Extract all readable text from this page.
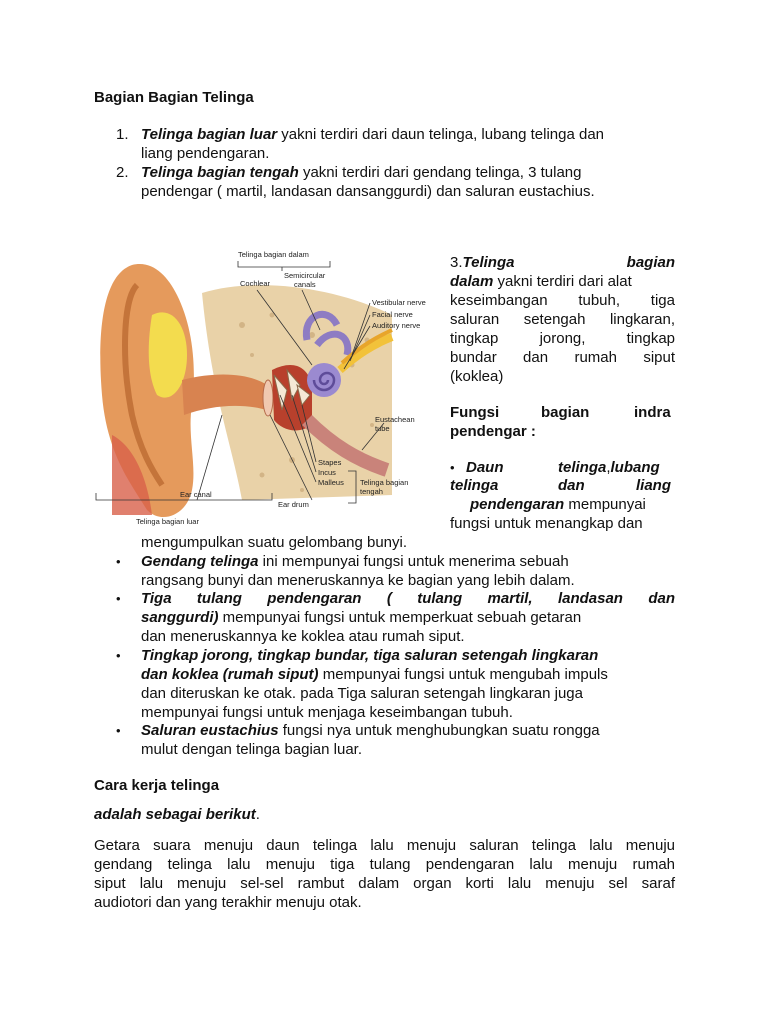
Bagian Bagian Telinga
1. Telinga bagian luar yakni terdiri dari daun telinga, lubang telinga dan
liang pendengaran.
2. Telinga bagian tengah yakni terdiri dari gendang telinga, 3 tulang
pendengar ( martil, landasan dansanggurdi) dan saluran eustachius.
Telinga bagian dalam
Cochlear
Semicircular
canals
Vestibular nerve
Facial nerve
Auditory nerve
Eustachean
tube
Stapes
Incus
Malleus Telinga bagian
tengah
Ear canal
Ear drum
Telinga bagian luar
3.Telinga	bagian
dalam yakni terdiri dari alat
keseimbangan tubuh, tiga
saluran setengah lingkaran,
tingkap jorong, tingkap
bundar dan rumah siput
(koklea)
Fungsi	bagian	indra
pendengar :
• Daun	telinga,lubang
telinga	dan	liang
pendengaran mempunyai
fungsi untuk menangkap dan
mengumpulkan suatu gelombang bunyi.
• Gendang telinga ini mempunyai fungsi untuk menerima sebuah
rangsang bunyi dan meneruskannya ke bagian yang lebih dalam.
• Tiga tulang pendengaran ( tulang martil, landasan dan
sanggurdi) mempunyai fungsi untuk memperkuat sebuah getaran
dan meneruskannya ke koklea atau rumah siput.
• Tingkap jorong, tingkap bundar, tiga saluran setengah lingkaran
dan koklea (rumah siput) mempunyai fungsi untuk mengubah impuls
dan diteruskan ke otak. pada Tiga saluran setengah lingkaran juga
mempunyai fungsi untuk menjaga keseimbangan tubuh.
• Saluran eustachius fungsi nya untuk menghubungkan suatu rongga
mulut dengan telinga bagian luar.
Cara kerja telinga
adalah sebagai berikut.
Getara suara menuju daun telinga lalu menuju saluran telinga lalu menuju
gendang telinga lalu menuju tiga tulang pendengaran lalu menuju rumah
siput lalu menuju sel-sel rambut dalam organ korti lalu menuju sel saraf
audiotori dan yang terakhir menuju otak.
